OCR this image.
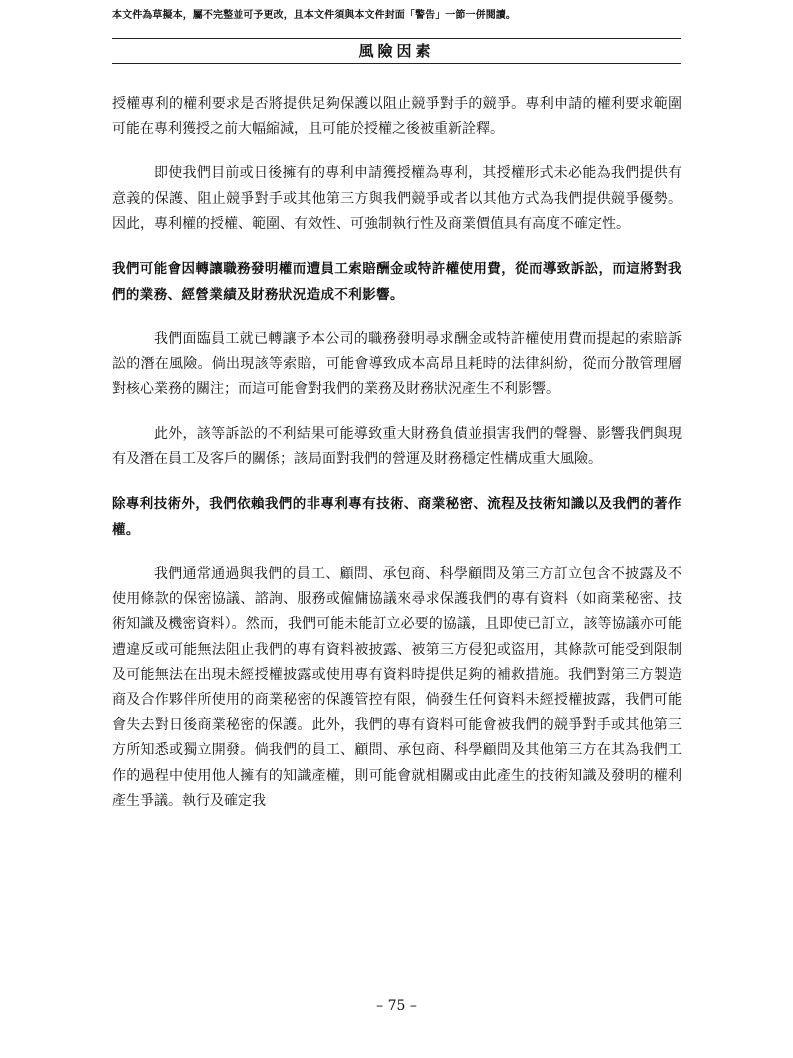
本文件為草擬本，屬不完整並可予更改，且本文件須與本文件封面「警告」一節一併閱讀。
風險因素

授權專利的權利要求是否將提供足夠保護以阻止競爭對手的競爭。專利申請的權利要求範圍可能在專利獲授之前大幅縮減，且可能於授權之後被重新詮釋。

即使我們目前或日後擁有的專利申請獲授權為專利，其授權形式未必能為我們提供有意義的保護、阻止競爭對手或其他第三方與我們競爭或者以其他方式為我們提供競爭優勢。因此，專利權的授權、範圍、有效性、可強制執行性及商業價值具有高度不確定性。

我們可能會因轉讓職務發明權而遭員工索賠酬金或特許權使用費，從而導致訴訟，而這將對我們的業務、經營業績及財務狀況造成不利影響。

我們面臨員工就已轉讓予本公司的職務發明尋求酬金或特許權使用費而提起的索賠訴訟的潛在風險。倘出現該等索賠，可能會導致成本高昂且耗時的法律糾紛，從而分散管理層對核心業務的關注；而這可能會對我們的業務及財務狀況產生不利影響。

此外，該等訴訟的不利結果可能導致重大財務負債並損害我們的聲譽、影響我們與現有及潛在員工及客戶的關係；該局面對我們的營運及財務穩定性構成重大風險。

除專利技術外，我們依賴我們的非專利專有技術、商業秘密、流程及技術知識以及我們的著作權。

我們通常通過與我們的員工、顧問、承包商、科學顧問及第三方訂立包含不披露及不使用條款的保密協議、諮詢、服務或僱傭協議來尋求保護我們的專有資料（如商業秘密、技術知識及機密資料）。然而，我們可能未能訂立必要的協議，且即使已訂立，該等協議亦可能遭違反或可能無法阻止我們的專有資料被披露、被第三方侵犯或盜用，其條款可能受到限制及可能無法在出現未經授權披露或使用專有資料時提供足夠的補救措施。我們對第三方製造商及合作夥伴所使用的商業秘密的保護管控有限，倘發生任何資料未經授權披露，我們可能會失去對日後商業秘密的保護。此外，我們的專有資料可能會被我們的競爭對手或其他第三方所知悉或獨立開發。倘我們的員工、顧問、承包商、科學顧問及其他第三方在其為我們工作的過程中使用他人擁有的知識產權，則可能會就相關或由此產生的技術知識及發明的權利產生爭議。執行及確定我

– 75 –
